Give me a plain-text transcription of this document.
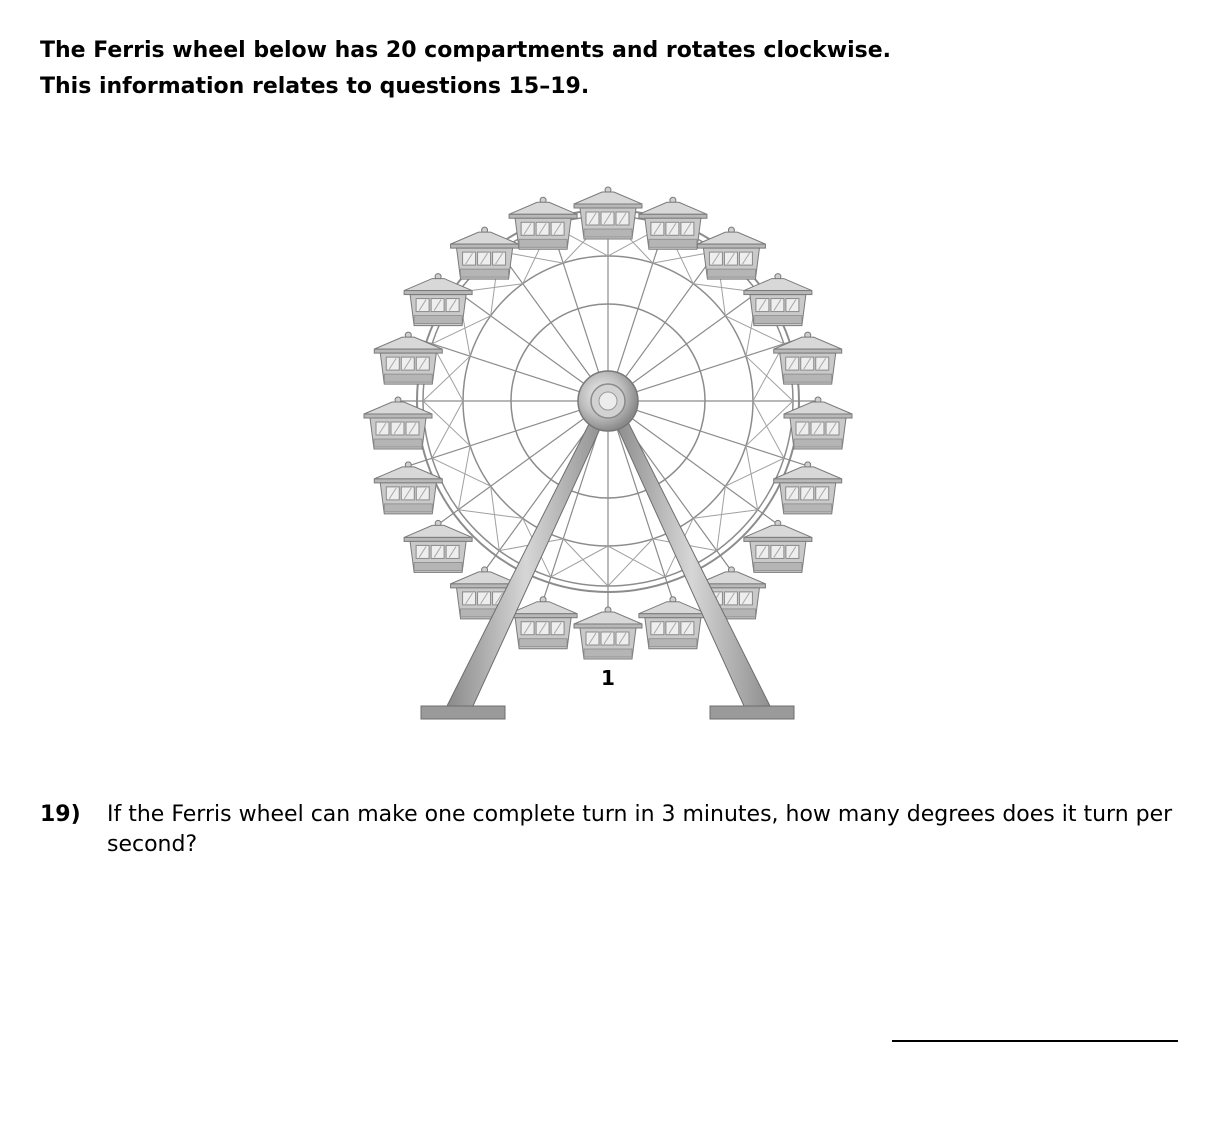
The Ferris wheel below has 20 compartments and rotates clockwise.
This information relates to questions 15–19.
1
19) If the Ferris wheel can make one complete turn in 3 minutes, how many degrees does it turn per second?
